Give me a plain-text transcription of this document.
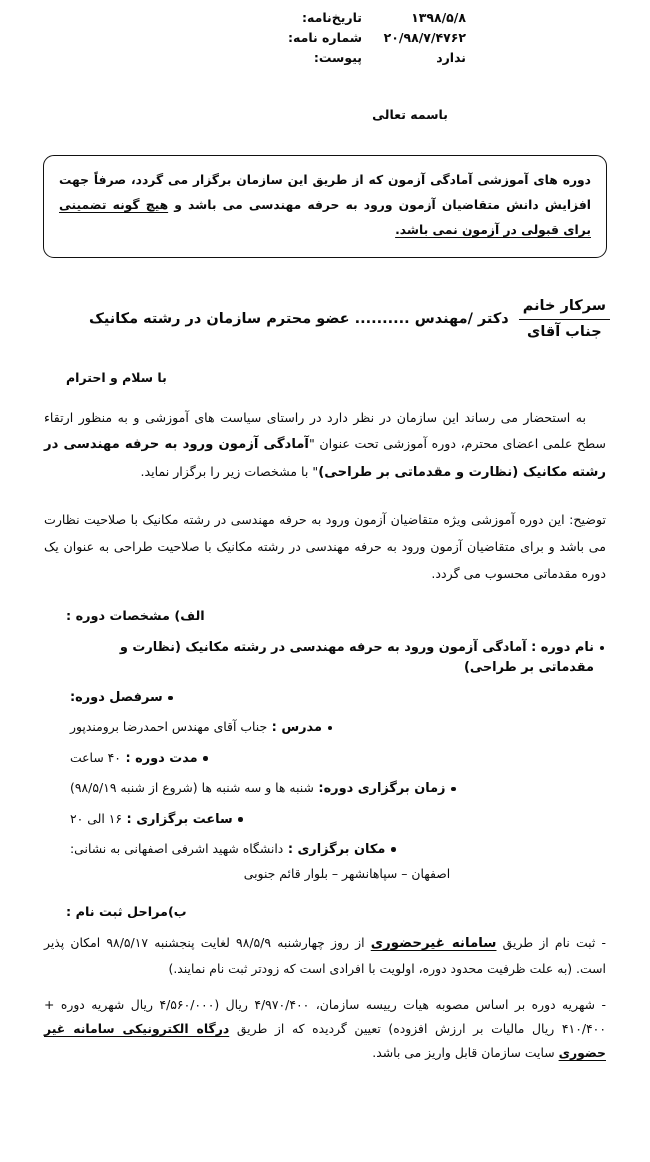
۱۳۹۸/۵/۸
تاریخ‌نامه:
۲۰/۹۸/۷/۴۷۶۲
شماره نامه:
ندارد
پیوست:
باسمه تعالی
دوره های آموزشی آمادگی آزمون که از طریق این سازمان برگزار می گردد، صرفاً جهت افزایش دانش متقاضیان آزمون ورود به حرفه مهندسی می باشد و هیچ گونه تضمینی برای قبولی در آزمون نمی باشد.
سرکار خانم
جناب آقای
دکتر /مهندس .......... عضو محترم سازمان در رشته مکانیک
با سلام و احترام
به استحضار می رساند این سازمان در نظر دارد در راستای سیاست های آموزشی و به منظور ارتقاء سطح علمی اعضای محترم، دوره آموزشی تحت عنوان "آمادگی آزمون ورود به حرفه مهندسی در رشته مکانیک (نظارت و مقدماتی بر طراحی)" با مشخصات زیر را برگزار نماید.
توضیح: این دوره آموزشی ویژه متقاضیان آزمون ورود به حرفه مهندسی در رشته مکانیک با صلاحیت نظارت می باشد و برای متقاضیان آزمون ورود به حرفه مهندسی در رشته مکانیک با صلاحیت طراحی به عنوان یک دوره مقدماتی محسوب می گردد.
الف) مشخصات دوره :
نام دوره : آمادگی آزمون ورود به حرفه مهندسی در رشته مکانیک (نظارت و مقدماتی بر طراحی)
سرفصل دوره:
مدرس : جناب آقای مهندس احمدرضا برومندپور
مدت دوره : ۴۰ ساعت
زمان برگزاری دوره: شنبه ها و سه شنبه ها (شروع از شنبه ۹۸/۵/۱۹)
ساعت برگزاری : ۱۶ الی ۲۰
مکان برگزاری : دانشگاه شهید اشرفی اصفهانی به نشانی:
اصفهان – سپاهانشهر – بلوار قائم جنوبی
ب)مراحل ثبت نام :
- ثبت نام از طریق سامانه غیرحضوری از روز چهارشنبه ۹۸/۵/۹ لغایت پنجشنبه ۹۸/۵/۱۷ امکان پذیر است. (به علت ظرفیت محدود دوره، اولویت با افرادی است که زودتر ثبت نام نمایند.)
- شهریه دوره بر اساس مصوبه هیات رییسه سازمان، ۴/۹۷۰/۴۰۰ ریال (۴/۵۶۰/۰۰۰ ریال شهریه دوره + ۴۱۰/۴۰۰ ریال مالیات بر ارزش افزوده) تعیین گردیده که از طریق درگاه الکترونیکی سامانه غیر حضوری سایت سازمان قابل واریز می باشد.
